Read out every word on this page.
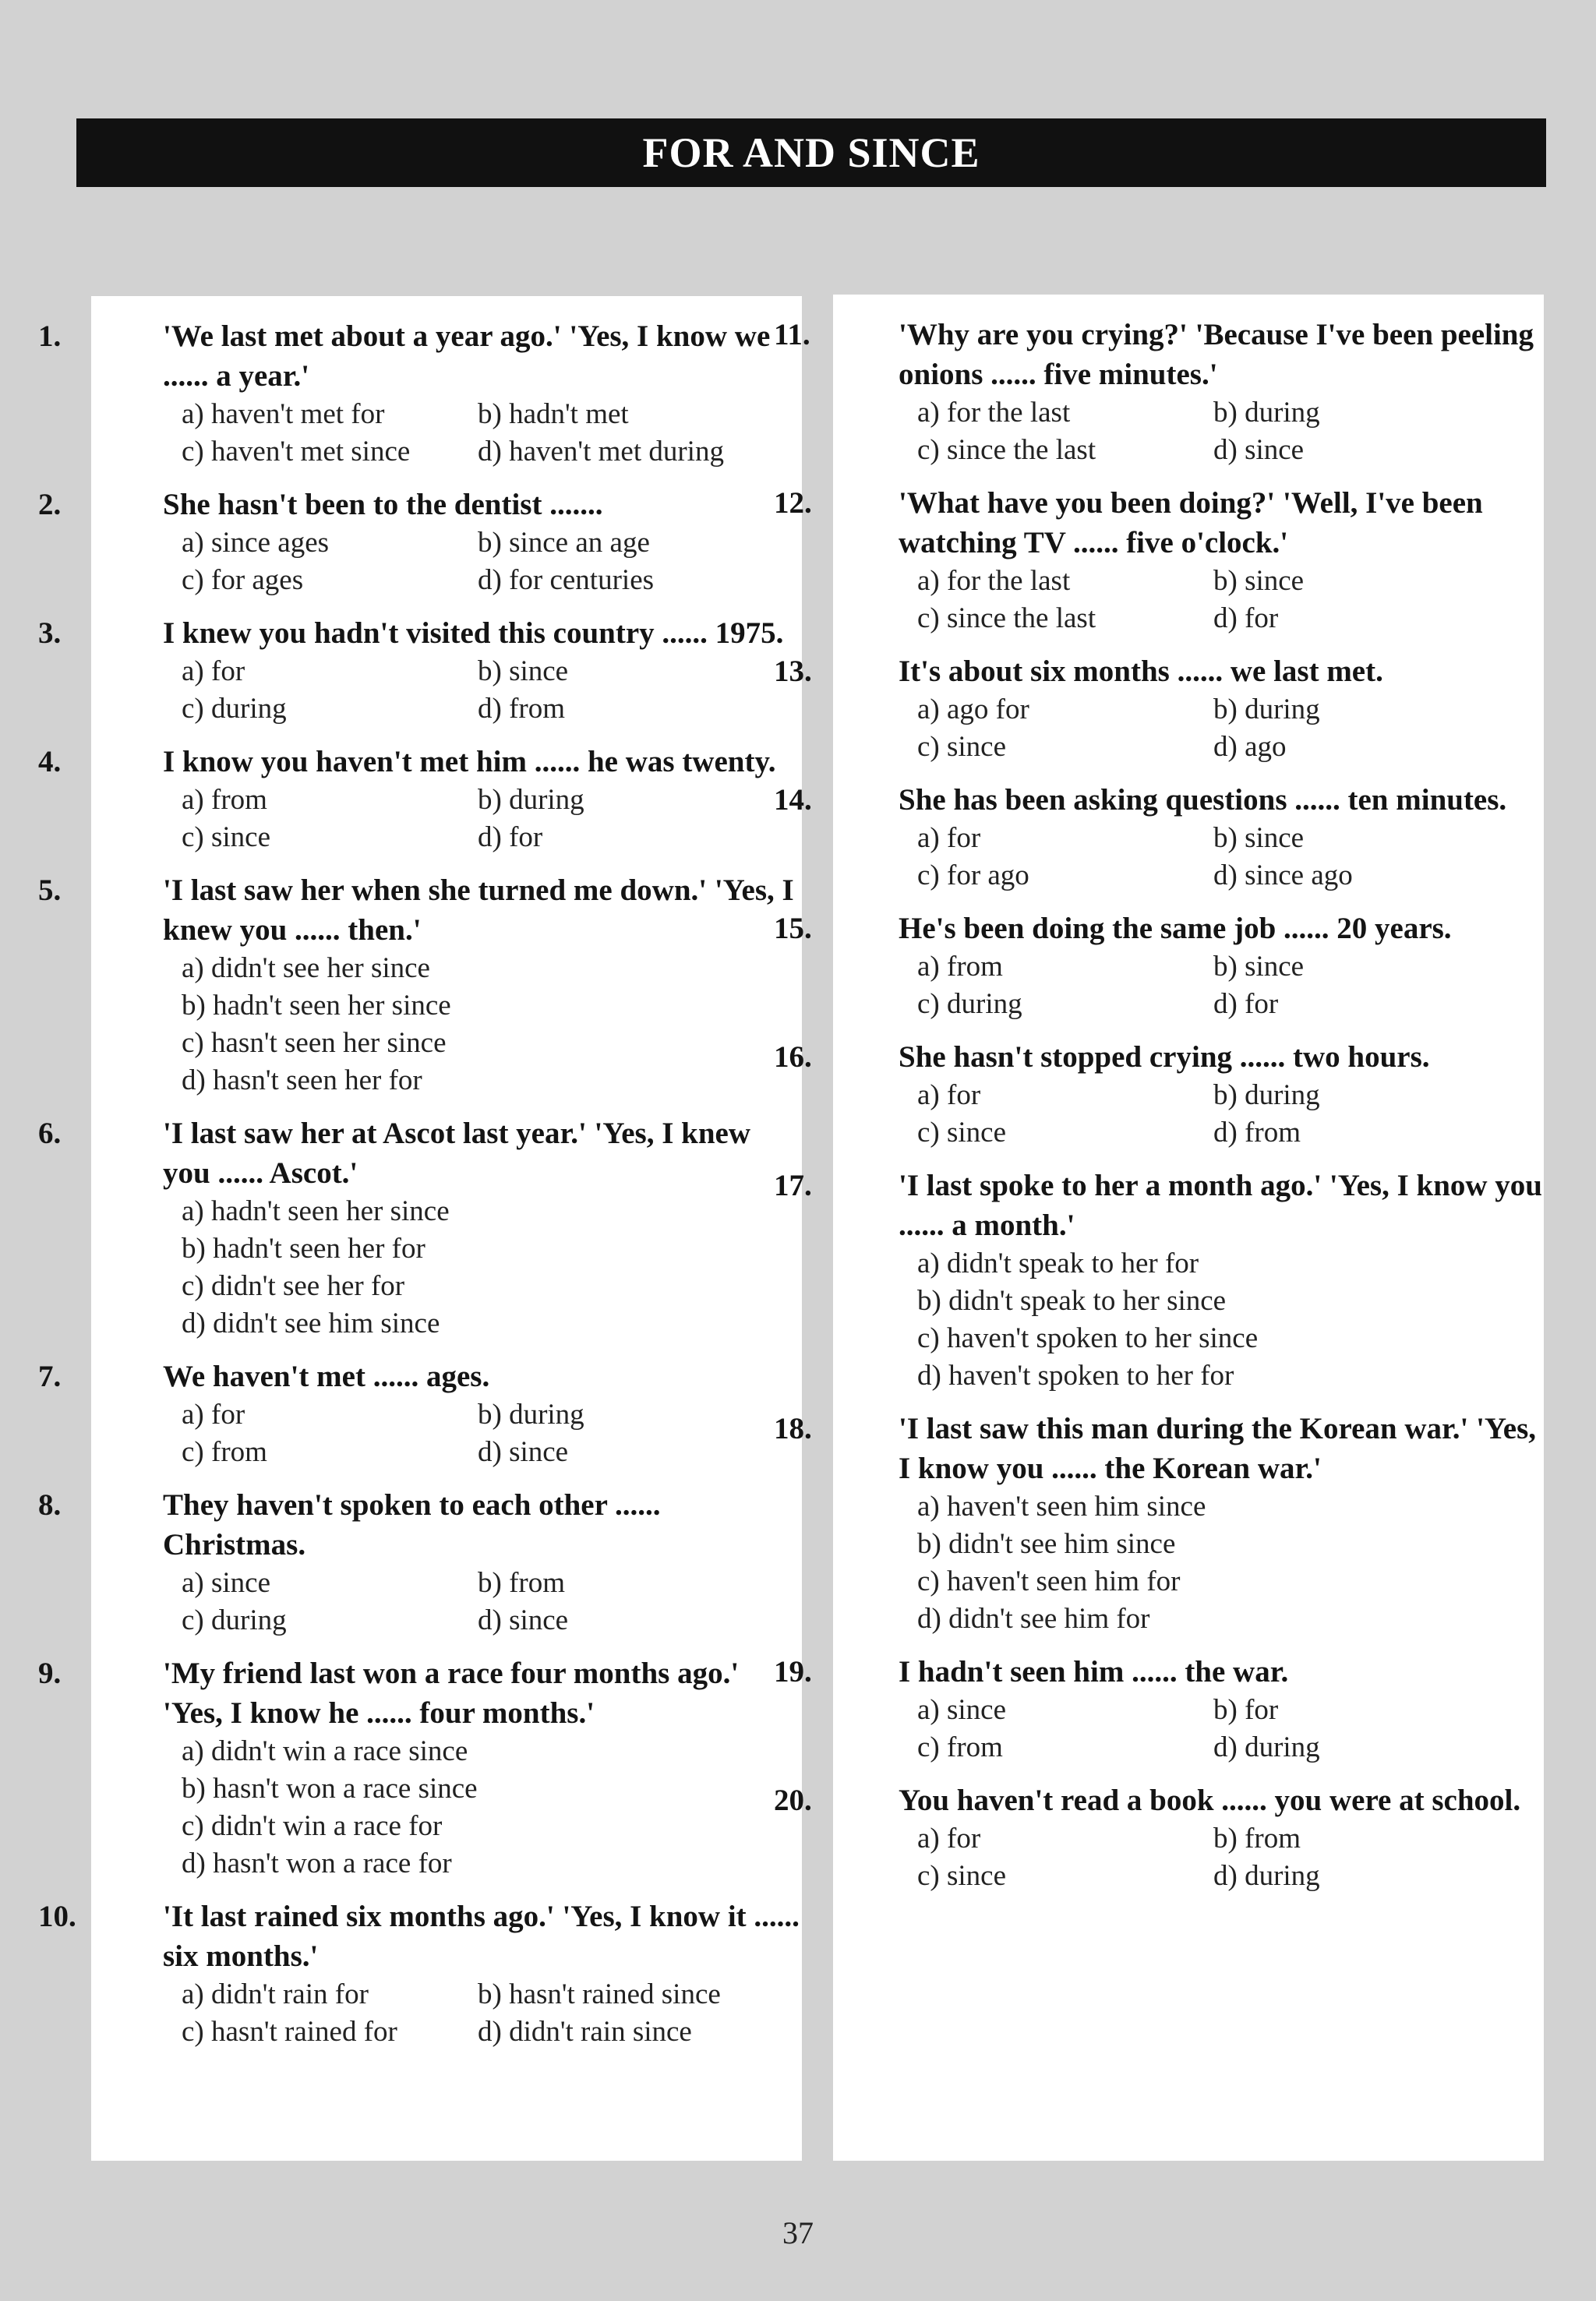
FOR AND SINCE
1.	'We last met about a year ago.' 'Yes, I know we ...... a year.'
a) haven't met for	b) hadn't met
c) haven't met since	d) haven't met during
2.	She hasn't been to the dentist .......
a) since ages	b) since an age
c) for ages	d) for centuries
3.	I knew you hadn't visited this country ...... 1975.
a) for	b) since
c) during	d) from
4.	I know you haven't met him ...... he was twenty.
a) from	b) during
c) since	d) for
5.	'I last saw her when she turned me down.' 'Yes, I knew you ...... then.'
a) didn't see her since
b) hadn't seen her since
c) hasn't seen her since
d) hasn't seen her for
6.	'I last saw her at Ascot last year.' 'Yes, I knew you ...... Ascot.'
a) hadn't seen her since
b) hadn't seen her for
c) didn't see her for
d) didn't see him since
7.	We haven't met ...... ages.
a) for	b) during
c) from	d) since
8.	They haven't spoken to each other ...... Christmas.
a) since	b) from
c) during	d) since
9.	'My friend last won a race four months ago.' 'Yes, I know he ...... four months.'
a) didn't win a race since
b) hasn't won a race since
c) didn't win a race for
d) hasn't won a race for
10.	'It last rained six months ago.' 'Yes, I know it ...... six months.'
a) didn't rain for	b) hasn't rained since
c) hasn't rained for	d) didn't rain since
11.	'Why are you crying?' 'Because I've been peeling onions ...... five minutes.'
a) for the last	b) during
c) since the last	d) since
12.	'What have you been doing?' 'Well, I've been watching TV ...... five o'clock.'
a) for the last	b) since
c) since the last	d) for
13.	It's about six months ...... we last met.
a) ago for	b) during
c) since	d) ago
14.	She has been asking questions ...... ten minutes.
a) for	b) since
c) for ago	d) since ago
15.	He's been doing the same job ...... 20 years.
a) from	b) since
c) during	d) for
16.	She hasn't stopped crying ...... two hours.
a) for	b) during
c) since	d) from
17.	'I last spoke to her a month ago.' 'Yes, I know you ...... a month.'
a) didn't speak to her for
b) didn't speak to her since
c) haven't spoken to her since
d) haven't spoken to her for
18.	'I last saw this man during the Korean war.' 'Yes, I know you ...... the Korean war.'
a) haven't seen him since
b) didn't see him since
c) haven't seen him for
d) didn't see him for
19.	I hadn't seen him ...... the war.
a) since	b) for
c) from	d) during
20.	You haven't read a book ...... you were at school.
a) for	b) from
c) since	d) during
37
